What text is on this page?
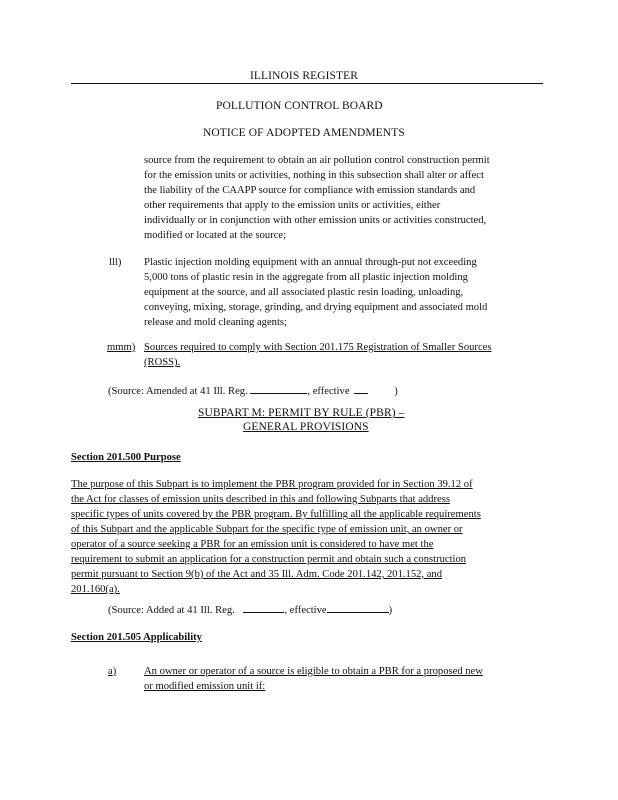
ILLINOIS REGISTER
POLLUTION CONTROL BOARD
NOTICE OF ADOPTED AMENDMENTS
source from the requirement to obtain an air pollution control construction permit
for the emission units or activities, nothing in this subsection shall alter or affect
the liability of the CAAPP source for compliance with emission standards and
other requirements that apply to the emission units or activities, either
individually or in conjunction with other emission units or activities constructed,
modified or located at the source;
lll) Plastic injection molding equipment with an annual through-put not exceeding
5,000 tons of plastic resin in the aggregate from all plastic injection molding
equipment at the source, and all associated plastic resin loading, unloading,
conveying, mixing, storage, grinding, and drying equipment and associated mold
release and mold cleaning agents;
mmm) Sources required to comply with Section 201.175 Registration of Smaller Sources
(ROSS).
(Source: Amended at 41 Ill. Reg.	, effective	)
SUBPART M: PERMIT BY RULE (PBR) –
GENERAL PROVISIONS
Section 201.500 Purpose
The purpose of this Subpart is to implement the PBR program provided for in Section 39.12 of
the Act for classes of emission units described in this and following Subparts that address
specific types of units covered by the PBR program. By fulfilling all the applicable requirements
of this Subpart and the applicable Subpart for the specific type of emission unit, an owner or
operator of a source seeking a PBR for an emission unit is considered to have met the
requirement to submit an application for a construction permit and obtain such a construction
permit pursuant to Section 9(b) of the Act and 35 Ill. Adm. Code 201.142, 201.152, and
201.160(a).
(Source: Added at 41 Ill. Reg.	, effective	)
Section 201.505 Applicability
a)	An owner or operator of a source is eligible to obtain a PBR for a proposed new
or modified emission unit if:
